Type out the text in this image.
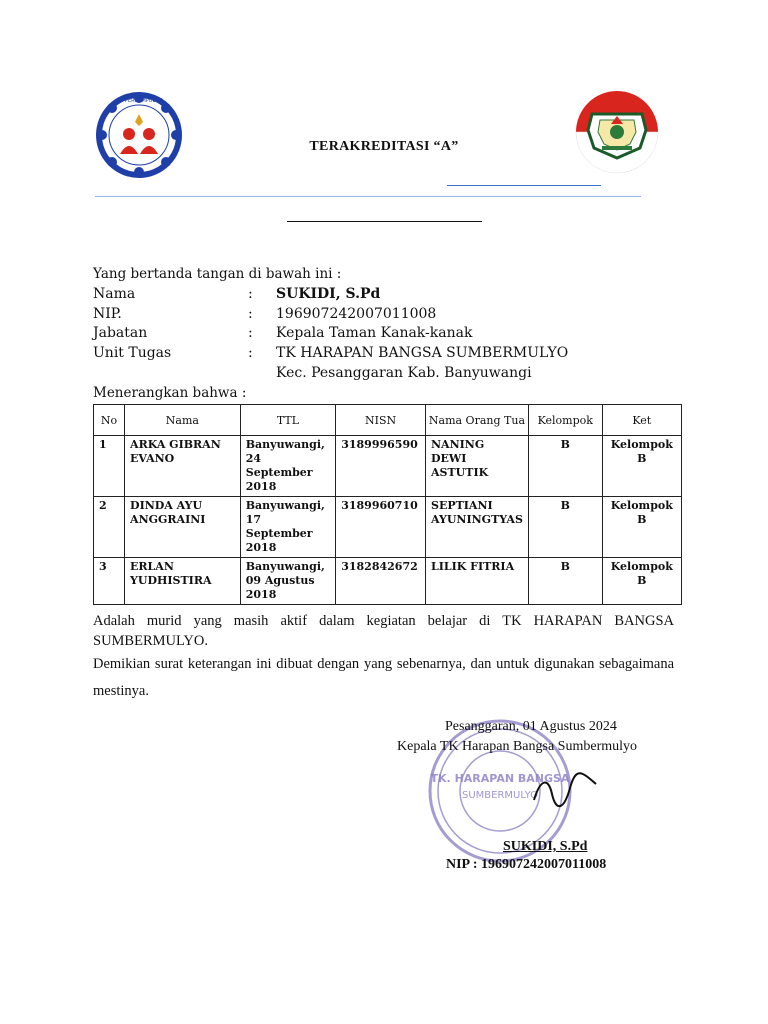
PERKUMPULAN
TERAKREDITASI “A”
Yang bertanda tangan di bawah ini :
Nama	: SUKIDI, S.Pd
NIP.	: 196907242007011008
Jabatan	: Kepala Taman Kanak-kanak
Unit Tugas	: TK HARAPAN BANGSA SUMBERMULYO
Kec. Pesanggaran Kab. Banyuwangi
Menerangkan bahwa :
No	Nama	TTL	NISN	Nama Orang Tua	Kelompok	Ket
1	ARKA GIBRAN EVANO	Banyuwangi, 24 September 2018	3189996590	NANING DEWI ASTUTIK	B	Kelompok B
2	DINDA AYU ANGGRAINI	Banyuwangi, 17 September 2018	3189960710	SEPTIANI AYUNINGTYAS	B	Kelompok B
3	ERLAN YUDHISTIRA	Banyuwangi, 09 Agustus 2018	3182842672	LILIK FITRIA	B	Kelompok B
Adalah murid yang masih aktif dalam kegiatan belajar di TK HARAPAN BANGSA SUMBERMULYO.
Demikian surat keterangan ini dibuat dengan yang sebenarnya, dan untuk digunakan sebagaimana mestinya.
TK. HARAPAN BANGSA
SUMBERMULYO
Pesanggaran, 01 Agustus 2024
Kepala TK Harapan Bangsa Sumbermulyo
SUKIDI, S.Pd
NIP : 196907242007011008
